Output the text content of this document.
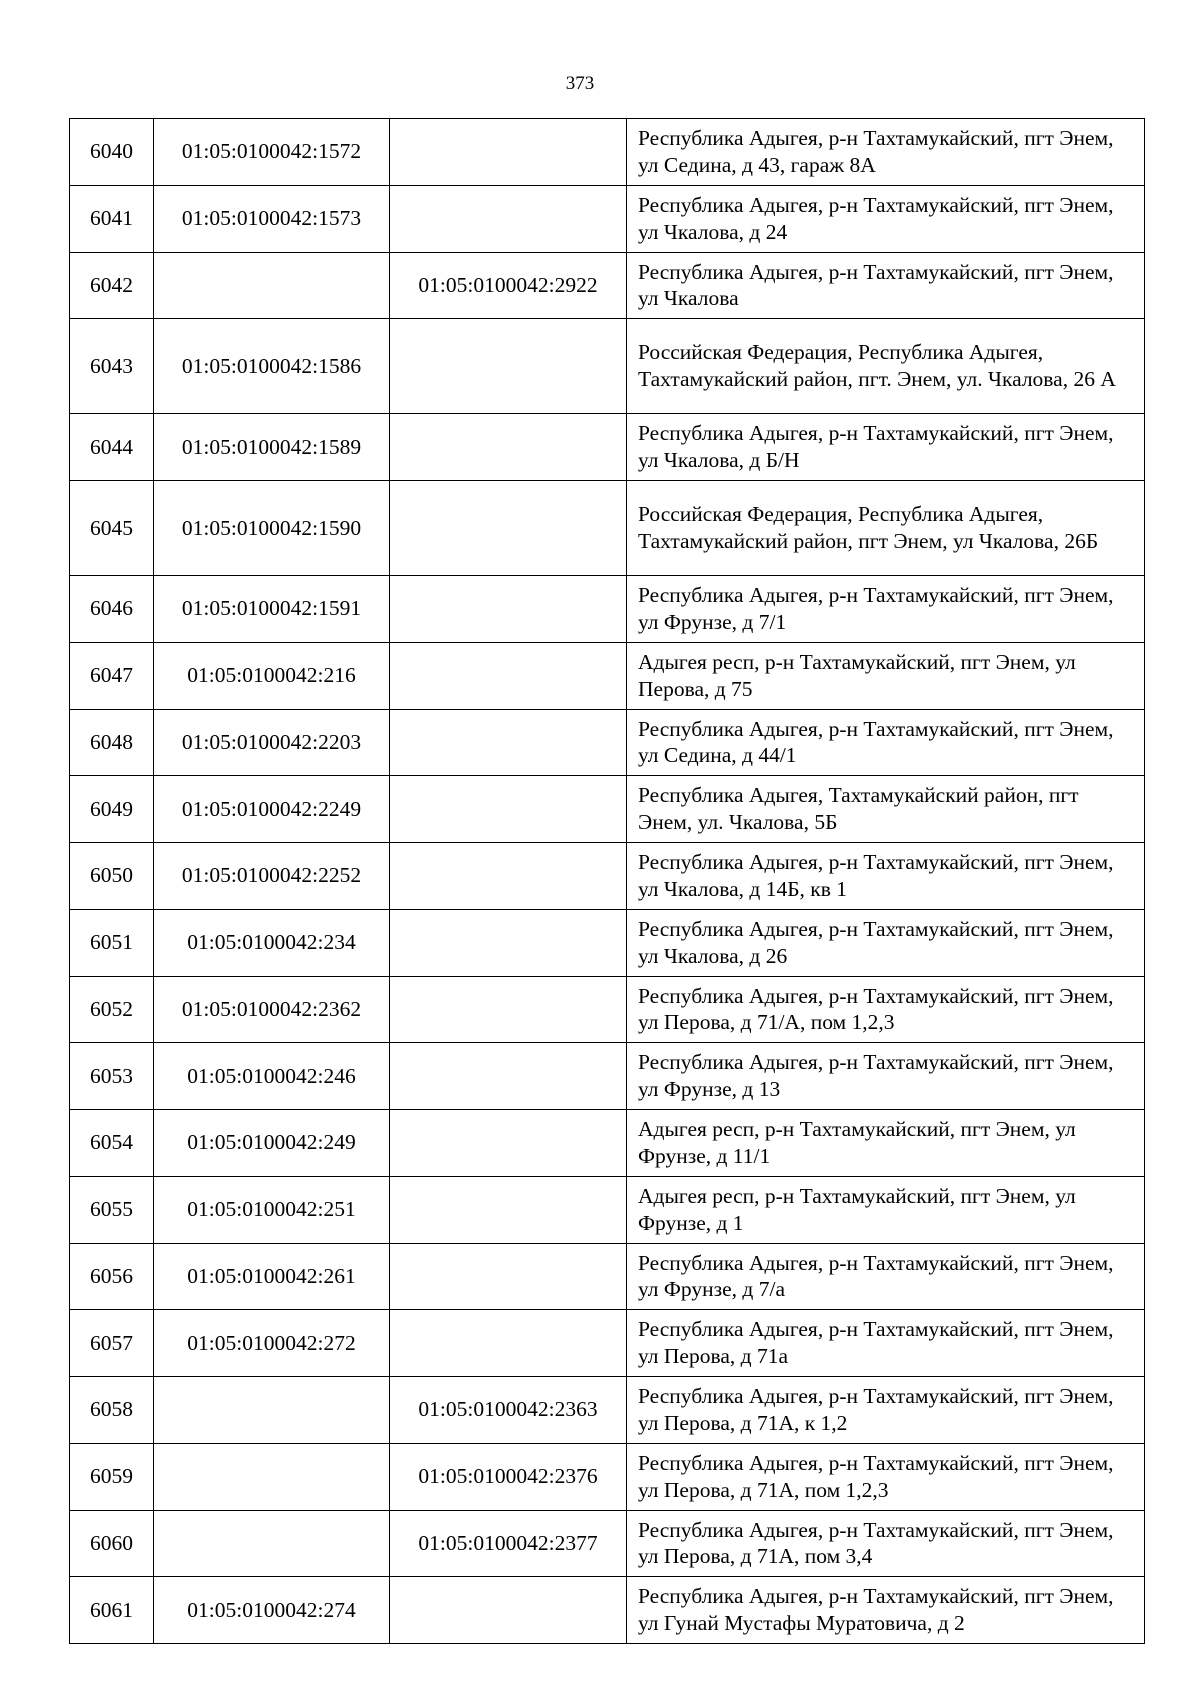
373
6040	01:05:0100042:1572		Республика Адыгея, р-н Тахтамукайский, пгт Энем, ул Седина, д 43, гараж 8А
6041	01:05:0100042:1573		Республика Адыгея, р-н Тахтамукайский, пгт Энем, ул Чкалова, д 24
6042		01:05:0100042:2922	Республика Адыгея, р-н Тахтамукайский, пгт Энем, ул Чкалова
6043	01:05:0100042:1586		Российская Федерация, Республика Адыгея, Тахтамукайский район, пгт. Энем, ул. Чкалова, 26 А
6044	01:05:0100042:1589		Республика Адыгея, р-н Тахтамукайский, пгт Энем, ул Чкалова, д Б/Н
6045	01:05:0100042:1590		Российская Федерация, Республика Адыгея, Тахтамукайский район, пгт Энем, ул Чкалова, 26Б
6046	01:05:0100042:1591		Республика Адыгея, р-н Тахтамукайский, пгт Энем, ул Фрунзе, д 7/1
6047	01:05:0100042:216		Адыгея респ, р-н Тахтамукайский, пгт Энем, ул Перова, д 75
6048	01:05:0100042:2203		Республика Адыгея, р-н Тахтамукайский, пгт Энем, ул Седина, д 44/1
6049	01:05:0100042:2249		Республика Адыгея, Тахтамукайский район, пгт Энем, ул. Чкалова, 5Б
6050	01:05:0100042:2252		Республика Адыгея, р-н Тахтамукайский, пгт Энем, ул Чкалова, д 14Б, кв 1
6051	01:05:0100042:234		Республика Адыгея, р-н Тахтамукайский, пгт Энем, ул Чкалова, д 26
6052	01:05:0100042:2362		Республика Адыгея, р-н Тахтамукайский, пгт Энем, ул Перова, д 71/А, пом 1,2,3
6053	01:05:0100042:246		Республика Адыгея, р-н Тахтамукайский, пгт Энем, ул Фрунзе, д 13
6054	01:05:0100042:249		Адыгея респ, р-н Тахтамукайский, пгт Энем, ул Фрунзе, д 11/1
6055	01:05:0100042:251		Адыгея респ, р-н Тахтамукайский, пгт Энем, ул Фрунзе, д 1
6056	01:05:0100042:261		Республика Адыгея, р-н Тахтамукайский, пгт Энем, ул Фрунзе, д 7/а
6057	01:05:0100042:272		Республика Адыгея, р-н Тахтамукайский, пгт Энем, ул Перова, д 71а
6058		01:05:0100042:2363	Республика Адыгея, р-н Тахтамукайский, пгт Энем, ул Перова, д 71А, к 1,2
6059		01:05:0100042:2376	Республика Адыгея, р-н Тахтамукайский, пгт Энем, ул Перова, д 71А, пом 1,2,3
6060		01:05:0100042:2377	Республика Адыгея, р-н Тахтамукайский, пгт Энем, ул Перова, д 71А, пом 3,4
6061	01:05:0100042:274		Республика Адыгея, р-н Тахтамукайский, пгт Энем, ул Гунай Мустафы Муратовича, д 2
